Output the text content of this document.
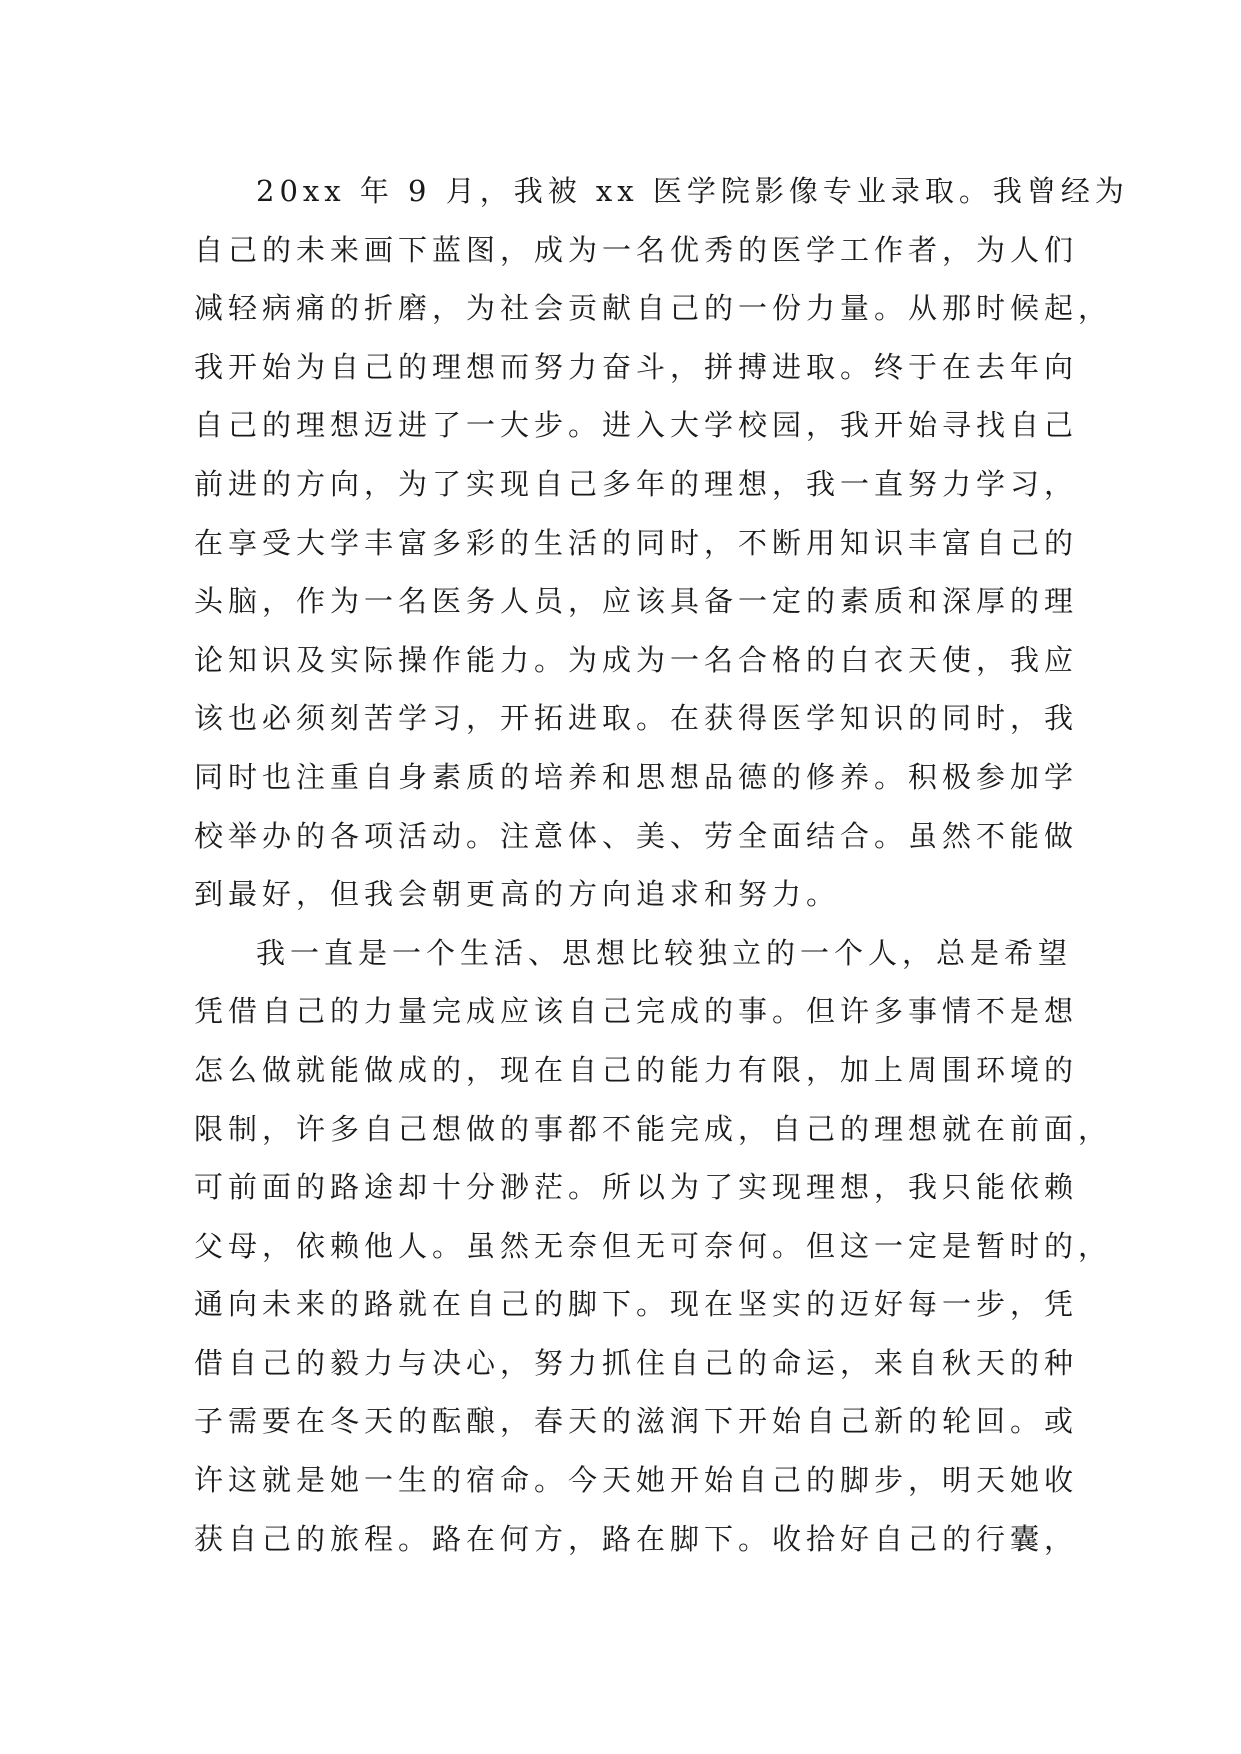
20xx 年 9 月，我被 xx 医学院影像专业录取。我曾经为
自己的未来画下蓝图，成为一名优秀的医学工作者，为人们
减轻病痛的折磨，为社会贡献自己的一份力量。从那时候起，
我开始为自己的理想而努力奋斗，拼搏进取。终于在去年向
自己的理想迈进了一大步。进入大学校园，我开始寻找自己
前进的方向，为了实现自己多年的理想，我一直努力学习，
在享受大学丰富多彩的生活的同时，不断用知识丰富自己的
头脑，作为一名医务人员，应该具备一定的素质和深厚的理
论知识及实际操作能力。为成为一名合格的白衣天使，我应
该也必须刻苦学习，开拓进取。在获得医学知识的同时，我
同时也注重自身素质的培养和思想品德的修养。积极参加学
校举办的各项活动。注意体、美、劳全面结合。虽然不能做
到最好，但我会朝更高的方向追求和努力。
我一直是一个生活、思想比较独立的一个人，总是希望
凭借自己的力量完成应该自己完成的事。但许多事情不是想
怎么做就能做成的，现在自己的能力有限，加上周围环境的
限制，许多自己想做的事都不能完成，自己的理想就在前面，
可前面的路途却十分渺茫。所以为了实现理想，我只能依赖
父母，依赖他人。虽然无奈但无可奈何。但这一定是暂时的，
通向未来的路就在自己的脚下。现在坚实的迈好每一步，凭
借自己的毅力与决心，努力抓住自己的命运，来自秋天的种
子需要在冬天的酝酿，春天的滋润下开始自己新的轮回。或
许这就是她一生的宿命。今天她开始自己的脚步，明天她收
获自己的旅程。路在何方，路在脚下。收拾好自己的行囊，
